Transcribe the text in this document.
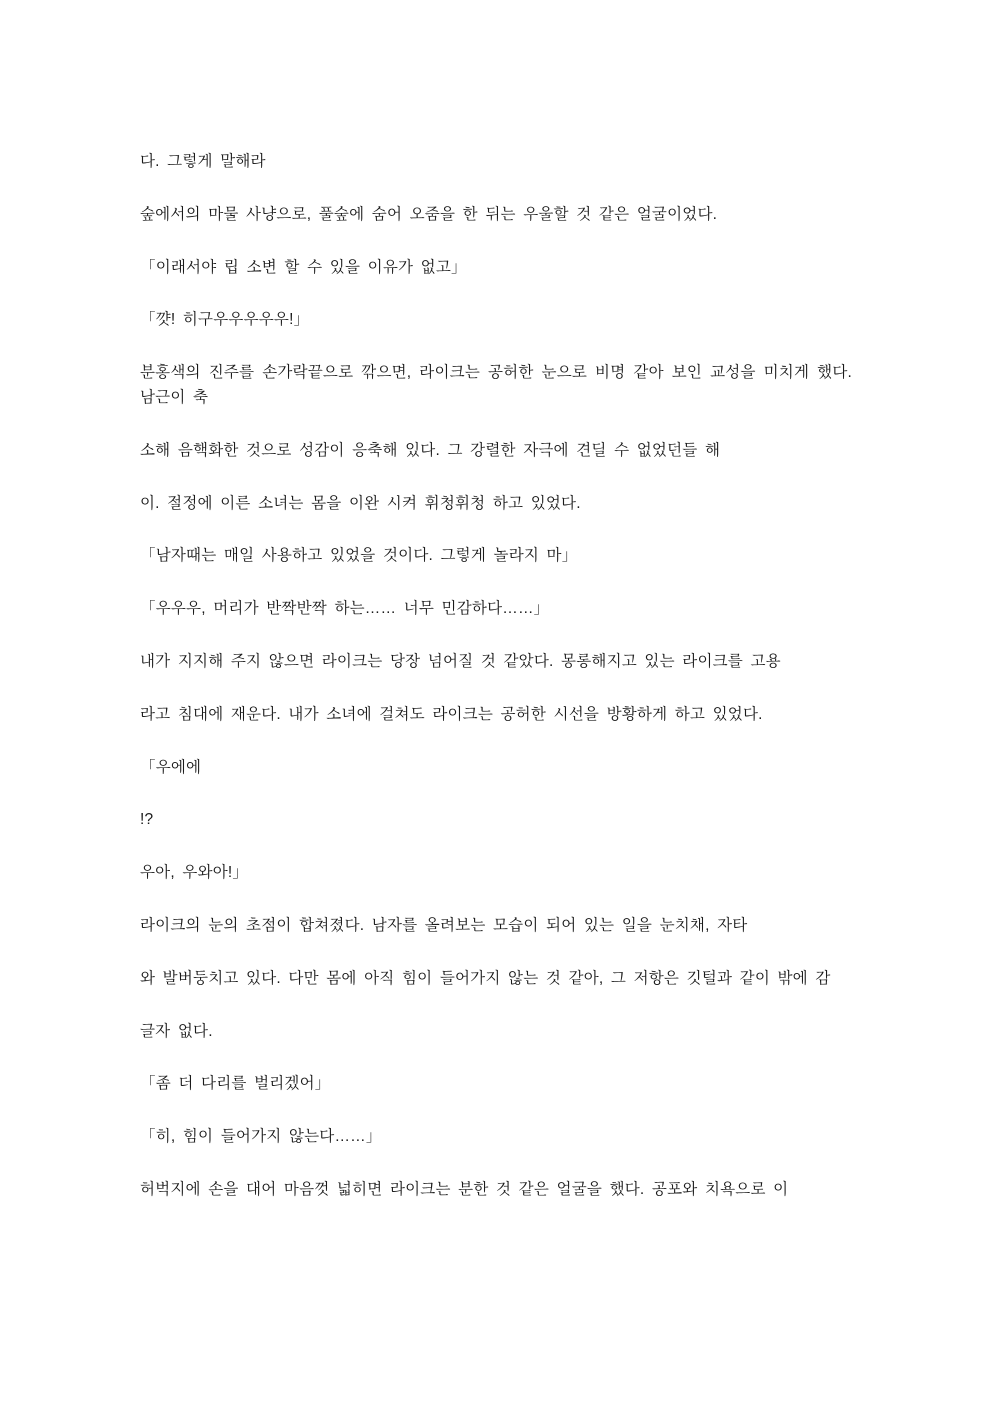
다. 그렇게 말해라

숲에서의 마물 사냥으로, 풀숲에 숨어 오줌을 한 뒤는 우울할 것 같은 얼굴이었다.

「이래서야 립 소변 할 수 있을 이유가 없고」

「꺗! 히구우우우우우!」

분홍색의 진주를 손가락끝으로 깎으면, 라이크는 공허한 눈으로 비명 같아 보인 교성을 미치게 했다. 남근이 축

소해 음핵화한 것으로 성감이 응축해 있다. 그 강렬한 자극에 견딜 수 없었던들 해

이. 절정에 이른 소녀는 몸을 이완 시켜 휘청휘청 하고 있었다.

「남자때는 매일 사용하고 있었을 것이다. 그렇게 놀라지 마」

「우우우, 머리가 반짝반짝 하는…… 너무 민감하다……」

내가 지지해 주지 않으면 라이크는 당장 넘어질 것 같았다. 몽롱해지고 있는 라이크를 고용

라고 침대에 재운다. 내가 소녀에 걸쳐도 라이크는 공허한 시선을 방황하게 하고 있었다.

「우에에

!?

우아, 우와아!」

라이크의 눈의 초점이 합쳐졌다. 남자를 올려보는 모습이 되어 있는 일을 눈치채, 자타

와 발버둥치고 있다. 다만 몸에 아직 힘이 들어가지 않는 것 같아, 그 저항은 깃털과 같이 밖에 감

글자 없다.

「좀 더 다리를 벌리겠어」

「히, 힘이 들어가지 않는다……」

허벅지에 손을 대어 마음껏 넓히면 라이크는 분한 것 같은 얼굴을 했다. 공포와 치욕으로 이
